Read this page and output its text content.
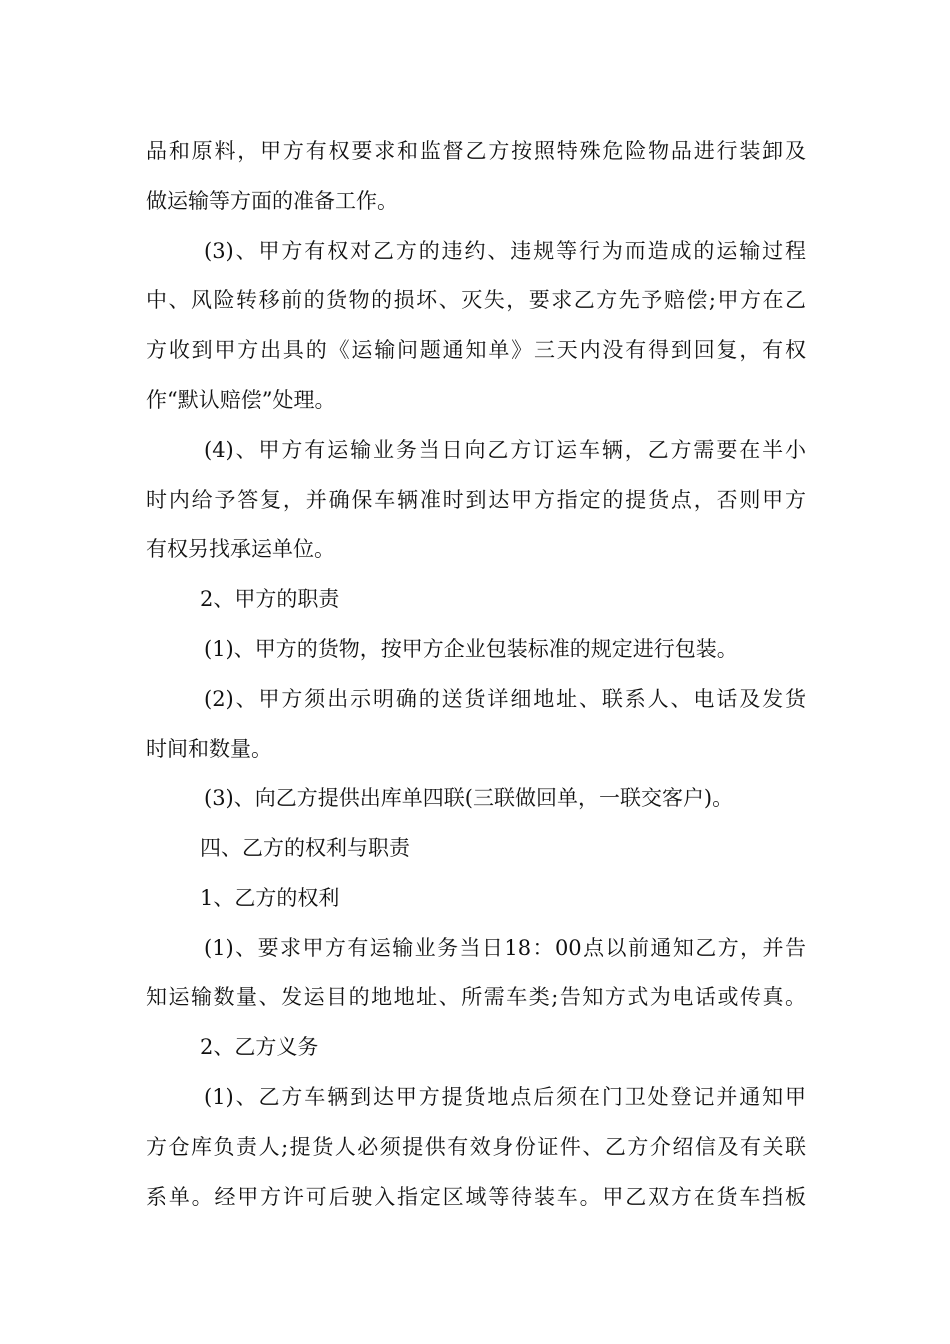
品和原料，甲方有权要求和监督乙方按照特殊危险物品进行装卸及
做运输等方面的准备工作。
(3)、甲方有权对乙方的违约、违规等行为而造成的运输过程
中、风险转移前的货物的损坏、灭失，要求乙方先予赔偿;甲方在乙
方收到甲方出具的《运输问题通知单》三天内没有得到回复，有权
作“默认赔偿”处理。
(4)、甲方有运输业务当日向乙方订运车辆，乙方需要在半小
时内给予答复，并确保车辆准时到达甲方指定的提货点，否则甲方
有权另找承运单位。
2、甲方的职责
(1)、甲方的货物，按甲方企业包装标准的规定进行包装。
(2)、甲方须出示明确的送货详细地址、联系人、电话及发货
时间和数量。
(3)、向乙方提供出库单四联(三联做回单，一联交客户)。
四、乙方的权利与职责
1、乙方的权利
(1)、要求甲方有运输业务当日18：00点以前通知乙方，并告
知运输数量、发运目的地地址、所需车类;告知方式为电话或传真。
2、乙方义务
(1)、乙方车辆到达甲方提货地点后须在门卫处登记并通知甲
方仓库负责人;提货人必须提供有效身份证件、乙方介绍信及有关联
系单。经甲方许可后驶入指定区域等待装车。甲乙双方在货车挡板
